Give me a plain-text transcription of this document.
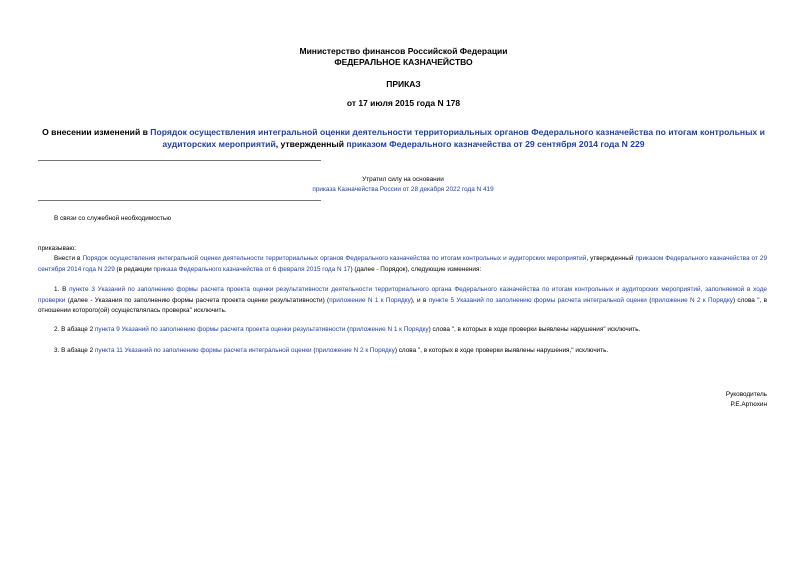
Министерство финансов Российской Федерации
ФЕДЕРАЛЬНОЕ КАЗНАЧЕЙСТВО
ПРИКАЗ
от 17 июля 2015 года N 178
О внесении изменений в Порядок осуществления интегральной оценки деятельности территориальных органов Федерального казначейства по итогам контрольных и аудиторских мероприятий, утвержденный приказом Федерального казначейства от 29 сентября 2014 года N 229
Утратил силу на основании
приказа Казначейства России от 28 декабря 2022 года N 419
В связи со служебной необходимостью
приказываю:
Внести в Порядок осуществления интегральной оценки деятельности территориальных органов Федерального казначейства по итогам контрольных и аудиторских мероприятий, утвержденный приказом Федерального казначейства от 29 сентября 2014 года N 229 (в редакции приказа Федерального казначейства от 6 февраля 2015 года N 17) (далее - Порядок), следующие изменения:
1. В пункте 3 Указаний по заполнению формы расчета проекта оценки результативности деятельности территориального органа Федерального казначейства по итогам контрольных и аудиторских мероприятий, заполняемой в ходе проверки (далее - Указания по заполнению формы расчета проекта оценки результативности) (приложение N 1 к Порядку), и в пункте 5 Указаний по заполнению формы расчета интегральной оценки (приложение N 2 к Порядку) слова ", в отношении которого(ой) осуществлялась проверка" исключить.
2. В абзаце 2 пункта 9 Указаний по заполнению формы расчета проекта оценки результативности (приложение N 1 к Порядку) слова ", в которых в ходе проверки выявлены нарушения" исключить.
3. В абзаце 2 пункта 11 Указаний по заполнению формы расчета интегральной оценки (приложение N 2 к Порядку) слова ", в которых в ходе проверки выявлены нарушения," исключить.
Руководитель
Р.Е.Артюхин
